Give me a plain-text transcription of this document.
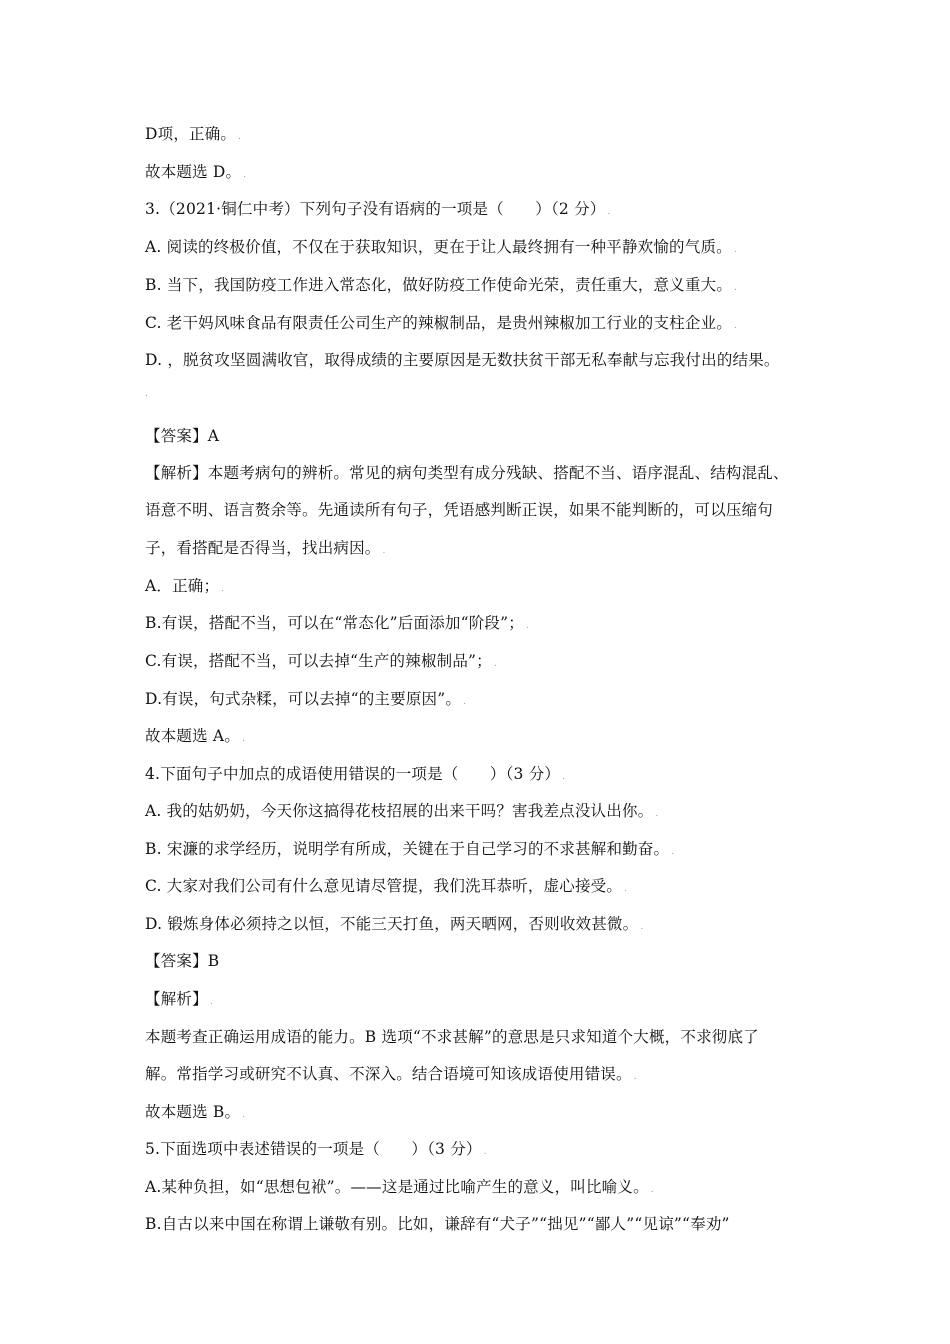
D项，正确。 .
故本题选 D。 .
3.（2021·铜仁中考）下列句子没有语病的一项是（　　）（2 分） .
A. 阅读的终极价值，不仅在于获取知识，更在于让人最终拥有一种平静欢愉的气质。 .
B. 当下，我国防疫工作进入常态化，做好防疫工作使命光荣，责任重大，意义重大。 .
C. 老干妈风味食品有限责任公司生产的辣椒制品，是贵州辣椒加工行业的支柱企业。 .
D. ，脱贫攻坚圆满收官，取得成绩的主要原因是无数扶贫干部无私奉献与忘我付出的结果。
.
【答案】A
【解析】本题考病句的辨析。常见的病句类型有成分残缺、搭配不当、语序混乱、结构混乱、
语意不明、语言赘余等。先通读所有句子，凭语感判断正误，如果不能判断的，可以压缩句
子，看搭配是否得当，找出病因。 .
A．正确； .
B.有误，搭配不当，可以在“常态化”后面添加“阶段”； .
C.有误，搭配不当，可以去掉“生产的辣椒制品”； .
D.有误，句式杂糅，可以去掉“的主要原因”。 .
故本题选 A。 .
4.下面句子中加点的成语使用错误的一项是（　　）（3 分） .
A. 我的姑奶奶，今天你这搞得花枝招展的出来干吗？害我差点没认出你。 .
B. 宋濂的求学经历，说明学有所成，关键在于自己学习的不求甚解和勤奋。 .
C. 大家对我们公司有什么意见请尽管提，我们洗耳恭听，虚心接受。 .
D. 锻炼身体必须持之以恒，不能三天打鱼，两天晒网，否则收效甚微。 .
【答案】B
【解析】 .
本题考查正确运用成语的能力。B 选项“不求甚解”的意思是只求知道个大概，不求彻底了
解。常指学习或研究不认真、不深入。结合语境可知该成语使用错误。 .
故本题选 B。 .
5.下面选项中表述错误的一项是（　　）（3 分） .
A.某种负担，如“思想包袱”。——这是通过比喻产生的意义，叫比喻义。 .
B.自古以来中国在称谓上谦敬有别。比如，谦辞有“犬子”“拙见”“鄙人”“见谅”“奉劝”
